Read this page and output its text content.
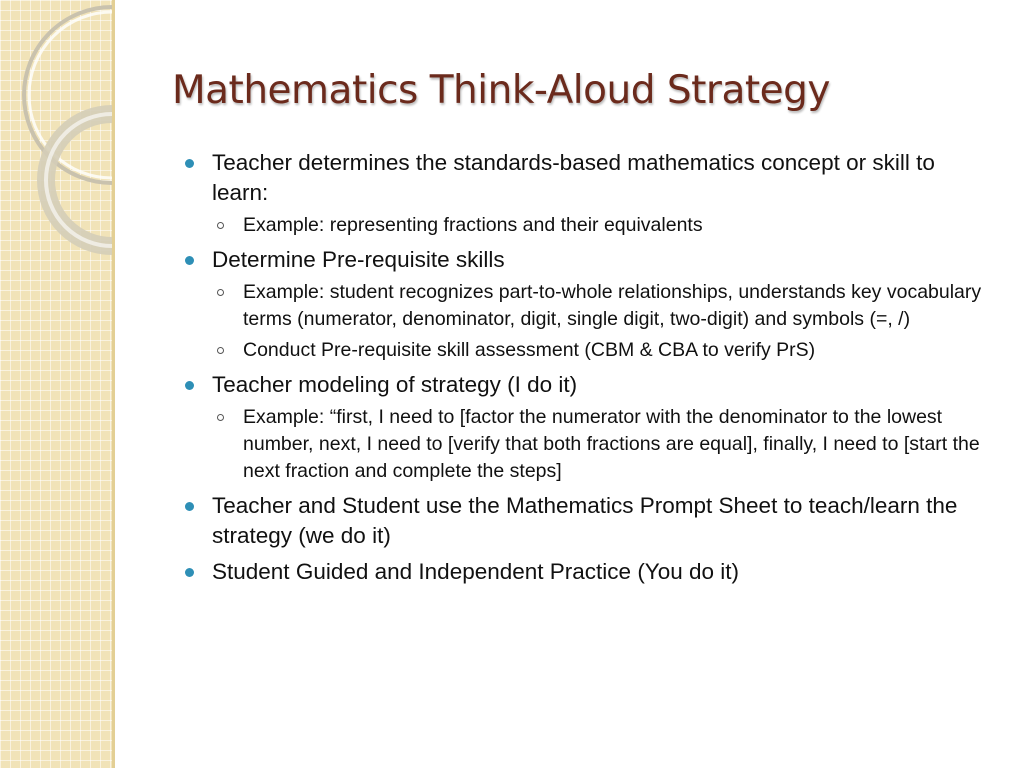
Mathematics Think-Aloud Strategy
Teacher determines the standards-based mathematics concept or skill to learn:
Example: representing fractions and their equivalents
Determine Pre-requisite skills
Example: student recognizes part-to-whole relationships, understands key vocabulary terms (numerator, denominator, digit, single digit, two-digit) and symbols (=, /)
Conduct Pre-requisite skill assessment (CBM & CBA to verify PrS)
Teacher modeling of strategy (I do it)
Example: “first, I need to [factor the numerator with the denominator to the lowest number, next, I need to [verify that both fractions are equal], finally, I need to [start the next fraction and complete the steps]
Teacher and Student use the Mathematics Prompt Sheet to teach/learn the strategy (we do it)
Student Guided and Independent Practice (You do it)
